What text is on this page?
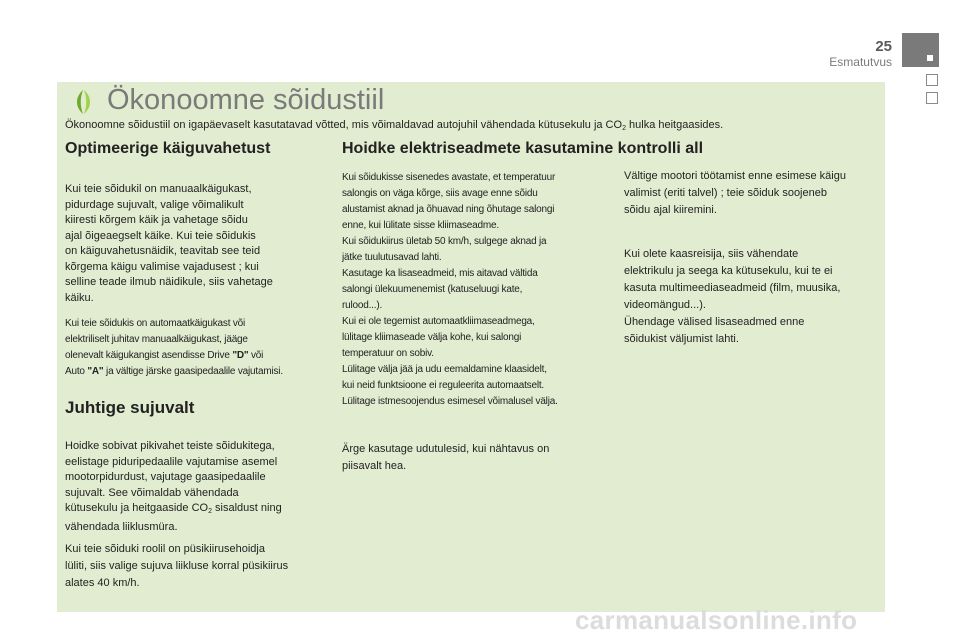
25
Esmatutvus
Ökonoomne sõidustiil
Ökonoomne sõidustiil on igapäevaselt kasutatavad võtted, mis võimaldavad autojuhil vähendada kütusekulu ja $CO_2$ hulka heitgaasides.
Optimeerige käiguvahetust
Kui teie sõidukil on manuaalkäigukast,
pidurdage sujuvalt, valige võimalikult
kiiresti kõrgem käik ja vahetage sõidu
ajal õigeaegselt käike. Kui teie sõidukis
on käiguvahetusnäidik, teavitab see teid
kõrgema käigu valimise vajadusest ; kui
selline teade ilmub näidikule, siis vahetage
käiku.
Kui teie sõidukis on automaatkäigukast või
elektriliselt juhitav manuaalkäigukast, jääge
olenevalt käigukangist asendisse Drive "D" või
Auto "A" ja vältige järske gaasipedaalile vajutamisi.
Juhtige sujuvalt
Hoidke sobivat pikivahet teiste sõidukitega,
eelistage piduripedaalile vajutamise asemel
mootorpidurdust, vajutage gaasipedaalile
sujuvalt. See võimaldab vähendada
kütusekulu ja heitgaaside $CO_2$ sisaldust ning
vähendada liiklusmüra.
Kui teie sõiduki roolil on püsikiirusehoidja
lüliti, siis valige sujuva liikluse korral püsikiirus
alates 40 km/h.
Hoidke elektriseadmete kasutamine kontrolli all
Kui sõidukisse sisenedes avastate, et temperatuur
salongis on väga kõrge, siis avage enne sõidu
alustamist aknad ja õhuavad ning õhutage salongi
enne, kui lülitate sisse kliimaseadme.
Kui sõidukiirus ületab 50 km/h, sulgege aknad ja
jätke tuulutusavad lahti.
Kasutage ka lisaseadmeid, mis aitavad vältida
salongi ülekuumenemist (katuseluugi kate,
rulood...).
Kui ei ole tegemist automaatkliimaseadmega,
lülitage kliimaseade välja kohe, kui salongi
temperatuur on sobiv.
Lülitage välja jää ja udu eemaldamine klaasidelt,
kui neid funktsioone ei reguleerita automaatselt.
Lülitage istmesoojendus esimesel võimalusel välja.
Ärge kasutage udutulesid, kui nähtavus on
piisavalt hea.
Vältige mootori töötamist enne esimese käigu
valimist (eriti talvel) ; teie sõiduk soojeneb
sõidu ajal kiiremini.
Kui olete kaasreisija, siis vähendate
elektrikulu ja seega ka kütusekulu, kui te ei
kasuta multimeediaseadmeid (film, muusika,
videomängud...).
Ühendage välised lisaseadmed enne
sõidukist väljumist lahti.
carmanualsonline.info
